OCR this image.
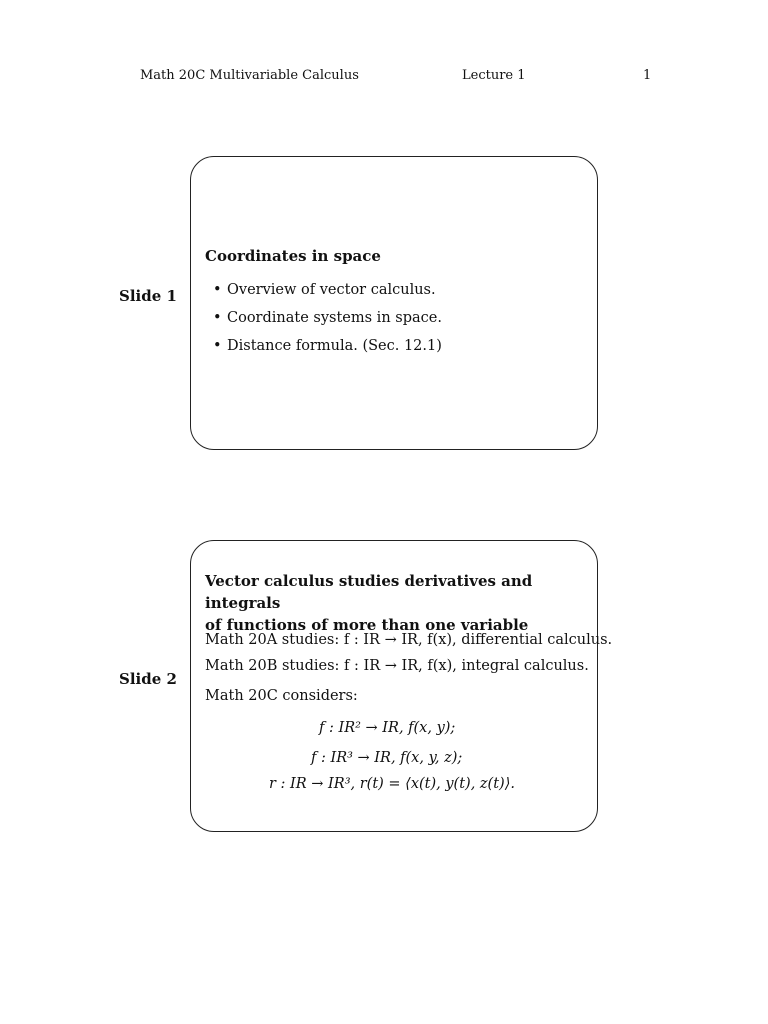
Math 20C Multivariable Calculus	Lecture 1	1
Slide 1
Coordinates in space
• Overview of vector calculus.
• Coordinate systems in space.
• Distance formula. (Sec. 12.1)
Slide 2
Vector calculus studies derivatives and integrals
of functions of more than one variable
Math 20A studies: f : IR → IR, f(x), differential calculus.
Math 20B studies: f : IR → IR, f(x), integral calculus.
Math 20C considers:
f : IR² → IR, f(x, y);
f : IR³ → IR, f(x, y, z);
r : IR → IR³, r(t) = ⟨x(t), y(t), z(t)⟩.
